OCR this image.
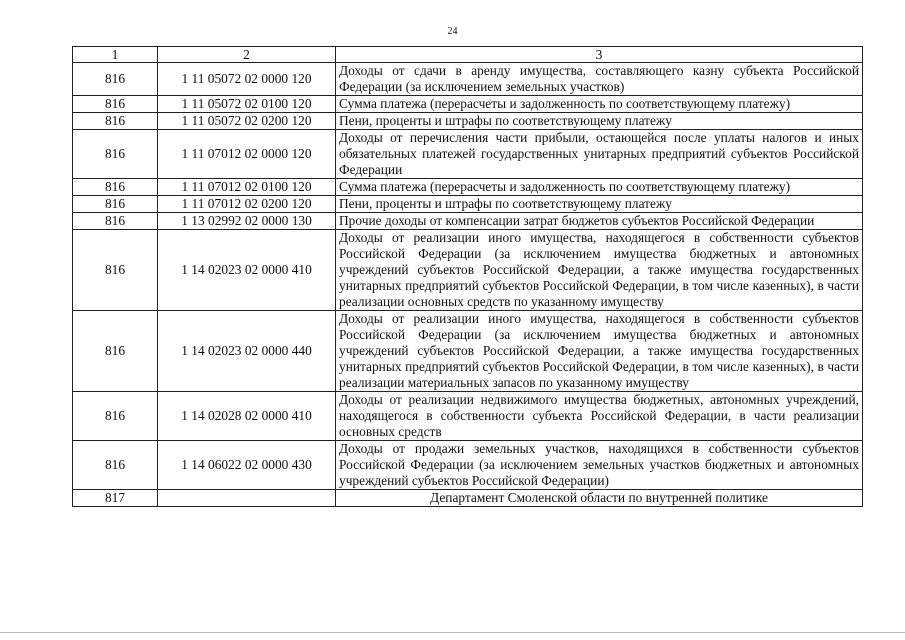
24
1	2	3
816	1 11 05072 02 0000 120	Доходы от сдачи в аренду имущества, составляющего казну субъекта Российской Федерации (за исключением земельных участков)
816	1 11 05072 02 0100 120	Сумма платежа (перерасчеты и задолженность по соответствующему платежу)
816	1 11 05072 02 0200 120	Пени, проценты и штрафы по соответствующему платежу
816	1 11 07012 02 0000 120	Доходы от перечисления части прибыли, остающейся после уплаты налогов и иных обязательных платежей государственных унитарных предприятий субъектов Российской Федерации
816	1 11 07012 02 0100 120	Сумма платежа (перерасчеты и задолженность по соответствующему платежу)
816	1 11 07012 02 0200 120	Пени, проценты и штрафы по соответствующему платежу
816	1 13 02992 02 0000 130	Прочие доходы от компенсации затрат бюджетов субъектов Российской Федерации
816	1 14 02023 02 0000 410	Доходы от реализации иного имущества, находящегося в собственности субъектов Российской Федерации (за исключением имущества бюджетных и автономных учреждений субъектов Российской Федерации, а также имущества государственных унитарных предприятий субъектов Российской Федерации, в том числе казенных), в части реализации основных средств по указанному имуществу
816	1 14 02023 02 0000 440	Доходы от реализации иного имущества, находящегося в собственности субъектов Российской Федерации (за исключением имущества бюджетных и автономных учреждений субъектов Российской Федерации, а также имущества государственных унитарных предприятий субъектов Российской Федерации, в том числе казенных), в части реализации материальных запасов по указанному имуществу
816	1 14 02028 02 0000 410	Доходы от реализации недвижимого имущества бюджетных, автономных учреждений, находящегося в собственности субъекта Российской Федерации, в части реализации основных средств
816	1 14 06022 02 0000 430	Доходы от продажи земельных участков, находящихся в собственности субъектов Российской Федерации (за исключением земельных участков бюджетных и автономных учреждений субъектов Российской Федерации)
817		Департамент Смоленской области по внутренней политике
